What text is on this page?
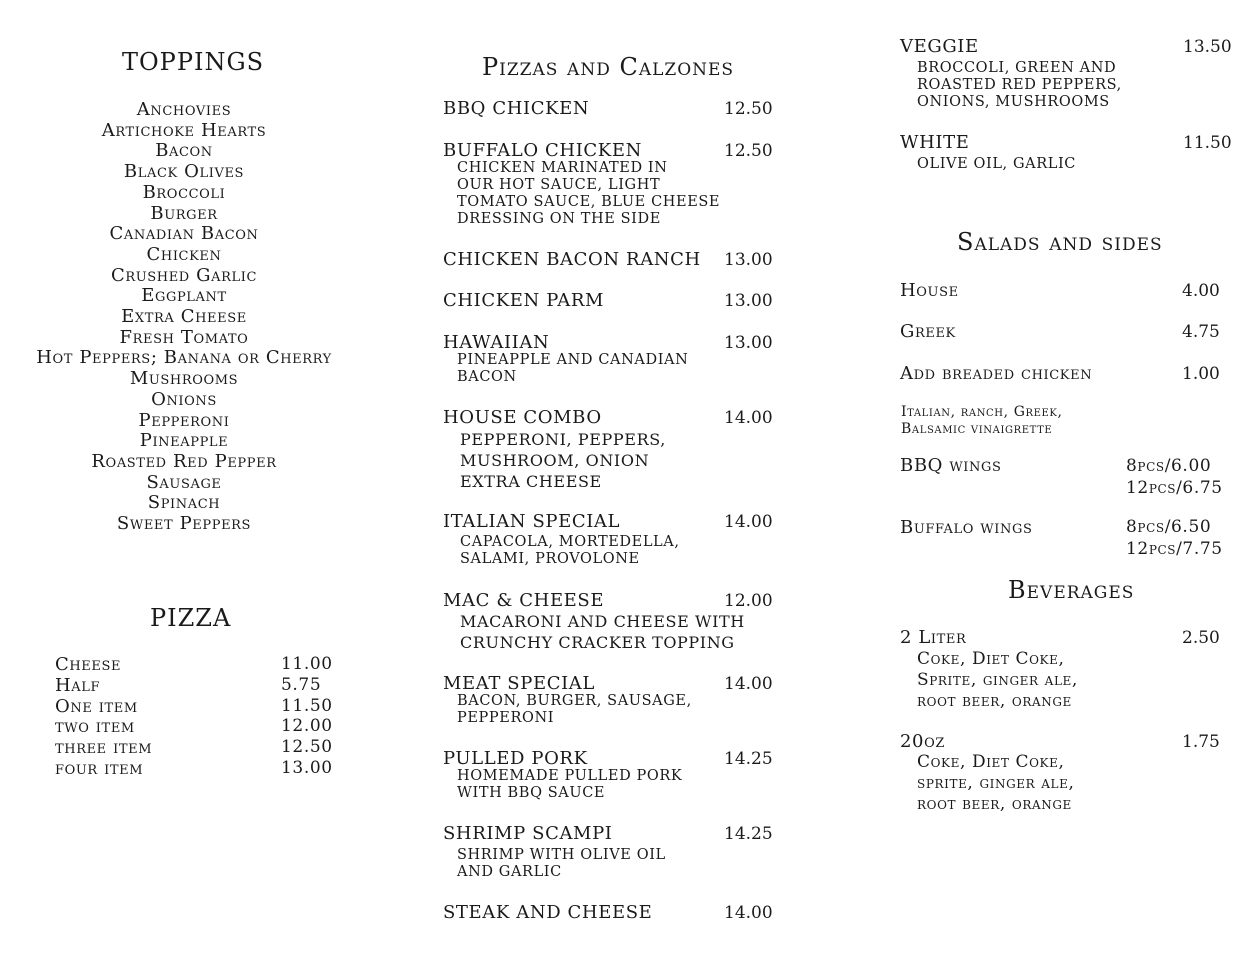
TOPPINGS
Anchovies
Artichoke Hearts
Bacon
Black Olives
Broccoli
Burger
Canadian Bacon
Chicken
Crushed Garlic
Eggplant
Extra Cheese
Fresh Tomato
Hot Peppers; Banana or Cherry
Mushrooms
Onions
Pepperoni
Pineapple
Roasted Red Pepper
Sausage
Spinach
Sweet Peppers
PIZZA
Cheese	11.00
Half	5.75
One item	11.50
two item	12.00
three item	12.50
four item	13.00
Pizzas and Calzones
BBQ CHICKEN	12.50
BUFFALO CHICKEN	12.50
CHICKEN MARINATED IN
OUR HOT SAUCE, LIGHT
TOMATO SAUCE, BLUE CHEESE
DRESSING ON THE SIDE
CHICKEN BACON RANCH 13.00
CHICKEN PARM	13.00
HAWAIIAN	13.00
PINEAPPLE AND CANADIAN
BACON
HOUSE COMBO	14.00
PEPPERONI, PEPPERS,
MUSHROOM, ONION
EXTRA CHEESE
ITALIAN SPECIAL	14.00
CAPACOLA, MORTEDELLA,
SALAMI, PROVOLONE
MAC & CHEESE	12.00
MACARONI AND CHEESE WITH
CRUNCHY CRACKER TOPPING
MEAT SPECIAL	14.00
BACON, BURGER, SAUSAGE,
PEPPERONI
PULLED PORK	14.25
HOMEMADE PULLED PORK
WITH BBQ SAUCE
SHRIMP SCAMPI	14.25
SHRIMP WITH OLIVE OIL
AND GARLIC
STEAK AND CHEESE	14.00
VEGGIE	13.50
BROCCOLI, GREEN AND
ROASTED RED PEPPERS,
ONIONS, MUSHROOMS
WHITE	11.50
OLIVE OIL, GARLIC
Salads and sides
House	4.00
Greek	4.75
Add breaded chicken	1.00
Italian, ranch, Greek,
Balsamic vinaigrette
BBQ wings	8pcs/6.00
12pcs/6.75
Buffalo wings	8pcs/6.50
12pcs/7.75
Beverages
2 Liter	2.50
Coke, Diet Coke,
Sprite, ginger ale,
root beer, orange
20oz	1.75
Coke, Diet Coke,
sprite, ginger ale,
root beer, orange
